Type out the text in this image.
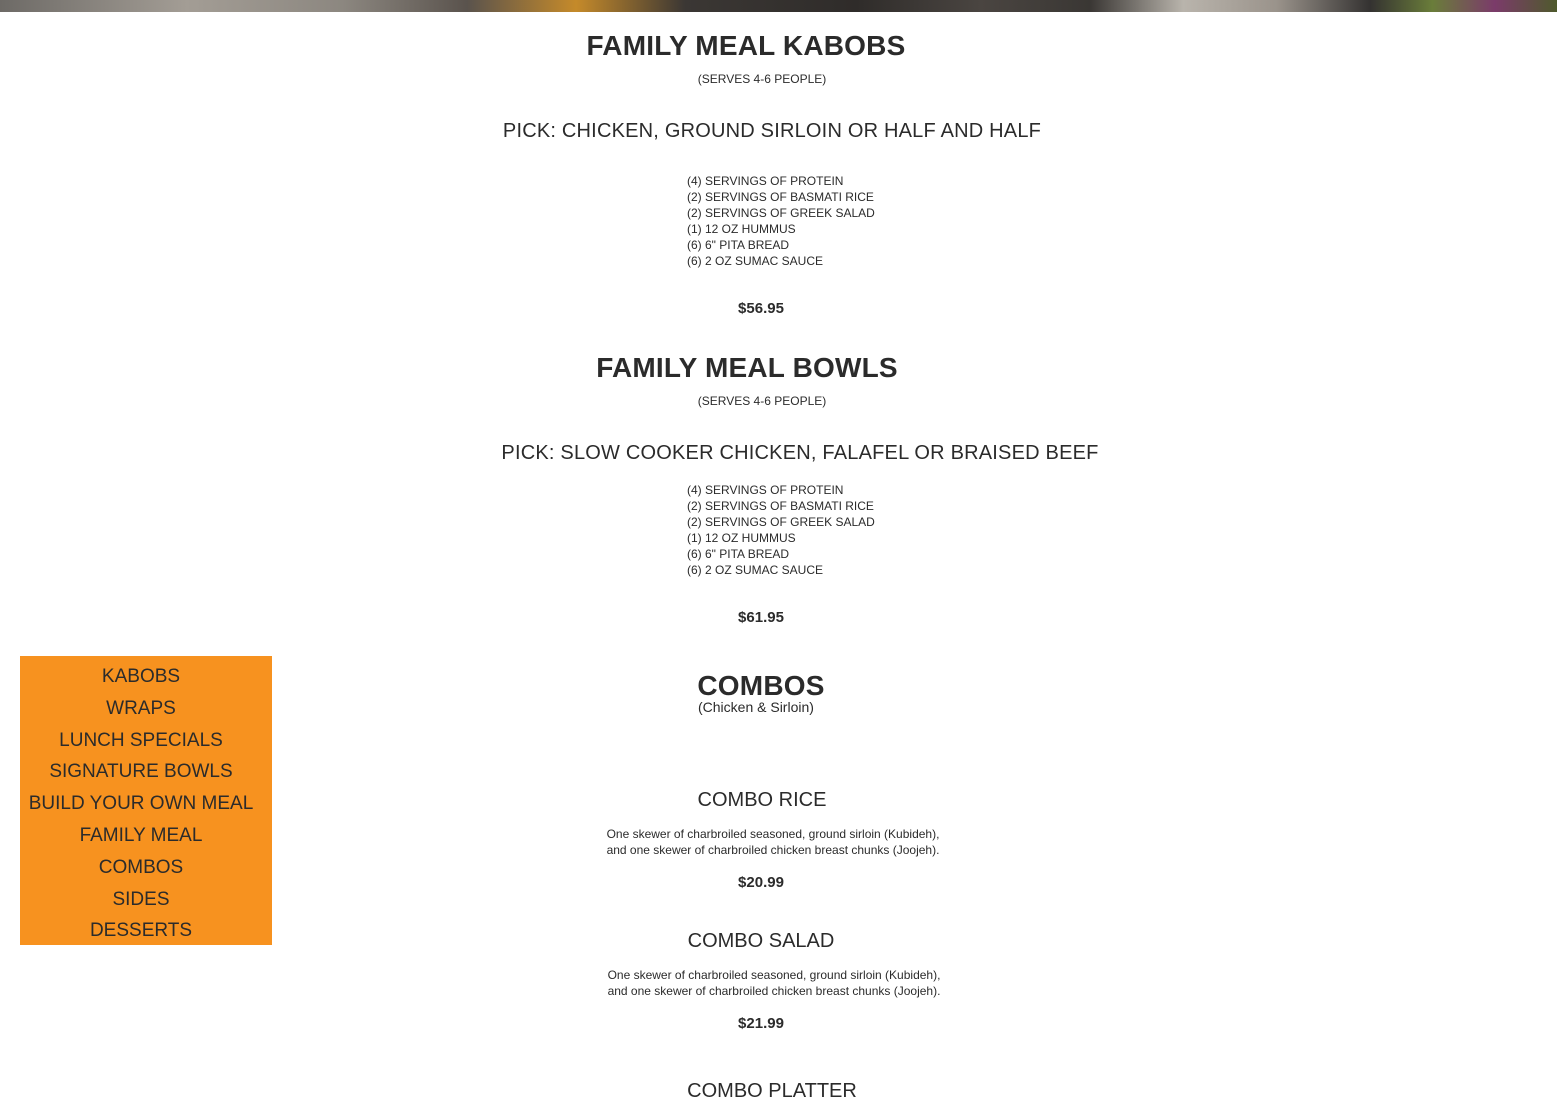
FAMILY MEAL KABOBS
(SERVES 4-6 PEOPLE)
PICK: CHICKEN, GROUND SIRLOIN OR HALF AND HALF
(4) SERVINGS OF PROTEIN
(2) SERVINGS OF BASMATI RICE
(2) SERVINGS OF GREEK SALAD
(1) 12 OZ HUMMUS
(6) 6" PITA BREAD
(6) 2 OZ SUMAC SAUCE
$56.95
FAMILY MEAL BOWLS
(SERVES 4-6 PEOPLE)
PICK: SLOW COOKER CHICKEN, FALAFEL OR BRAISED BEEF
(4) SERVINGS OF PROTEIN
(2) SERVINGS OF BASMATI RICE
(2) SERVINGS OF GREEK SALAD
(1) 12 OZ HUMMUS
(6) 6" PITA BREAD
(6) 2 OZ SUMAC SAUCE
$61.95
COMBOS
(Chicken & Sirloin)
COMBO RICE
One skewer of charbroiled seasoned, ground sirloin (Kubideh),
and one skewer of charbroiled chicken breast chunks (Joojeh).
$20.99
COMBO SALAD
One skewer of charbroiled seasoned, ground sirloin (Kubideh),
and one skewer of charbroiled chicken breast chunks (Joojeh).
$21.99
COMBO PLATTER
KABOBS
WRAPS
LUNCH SPECIALS
SIGNATURE BOWLS
BUILD YOUR OWN MEAL
FAMILY MEAL
COMBOS
SIDES
DESSERTS
